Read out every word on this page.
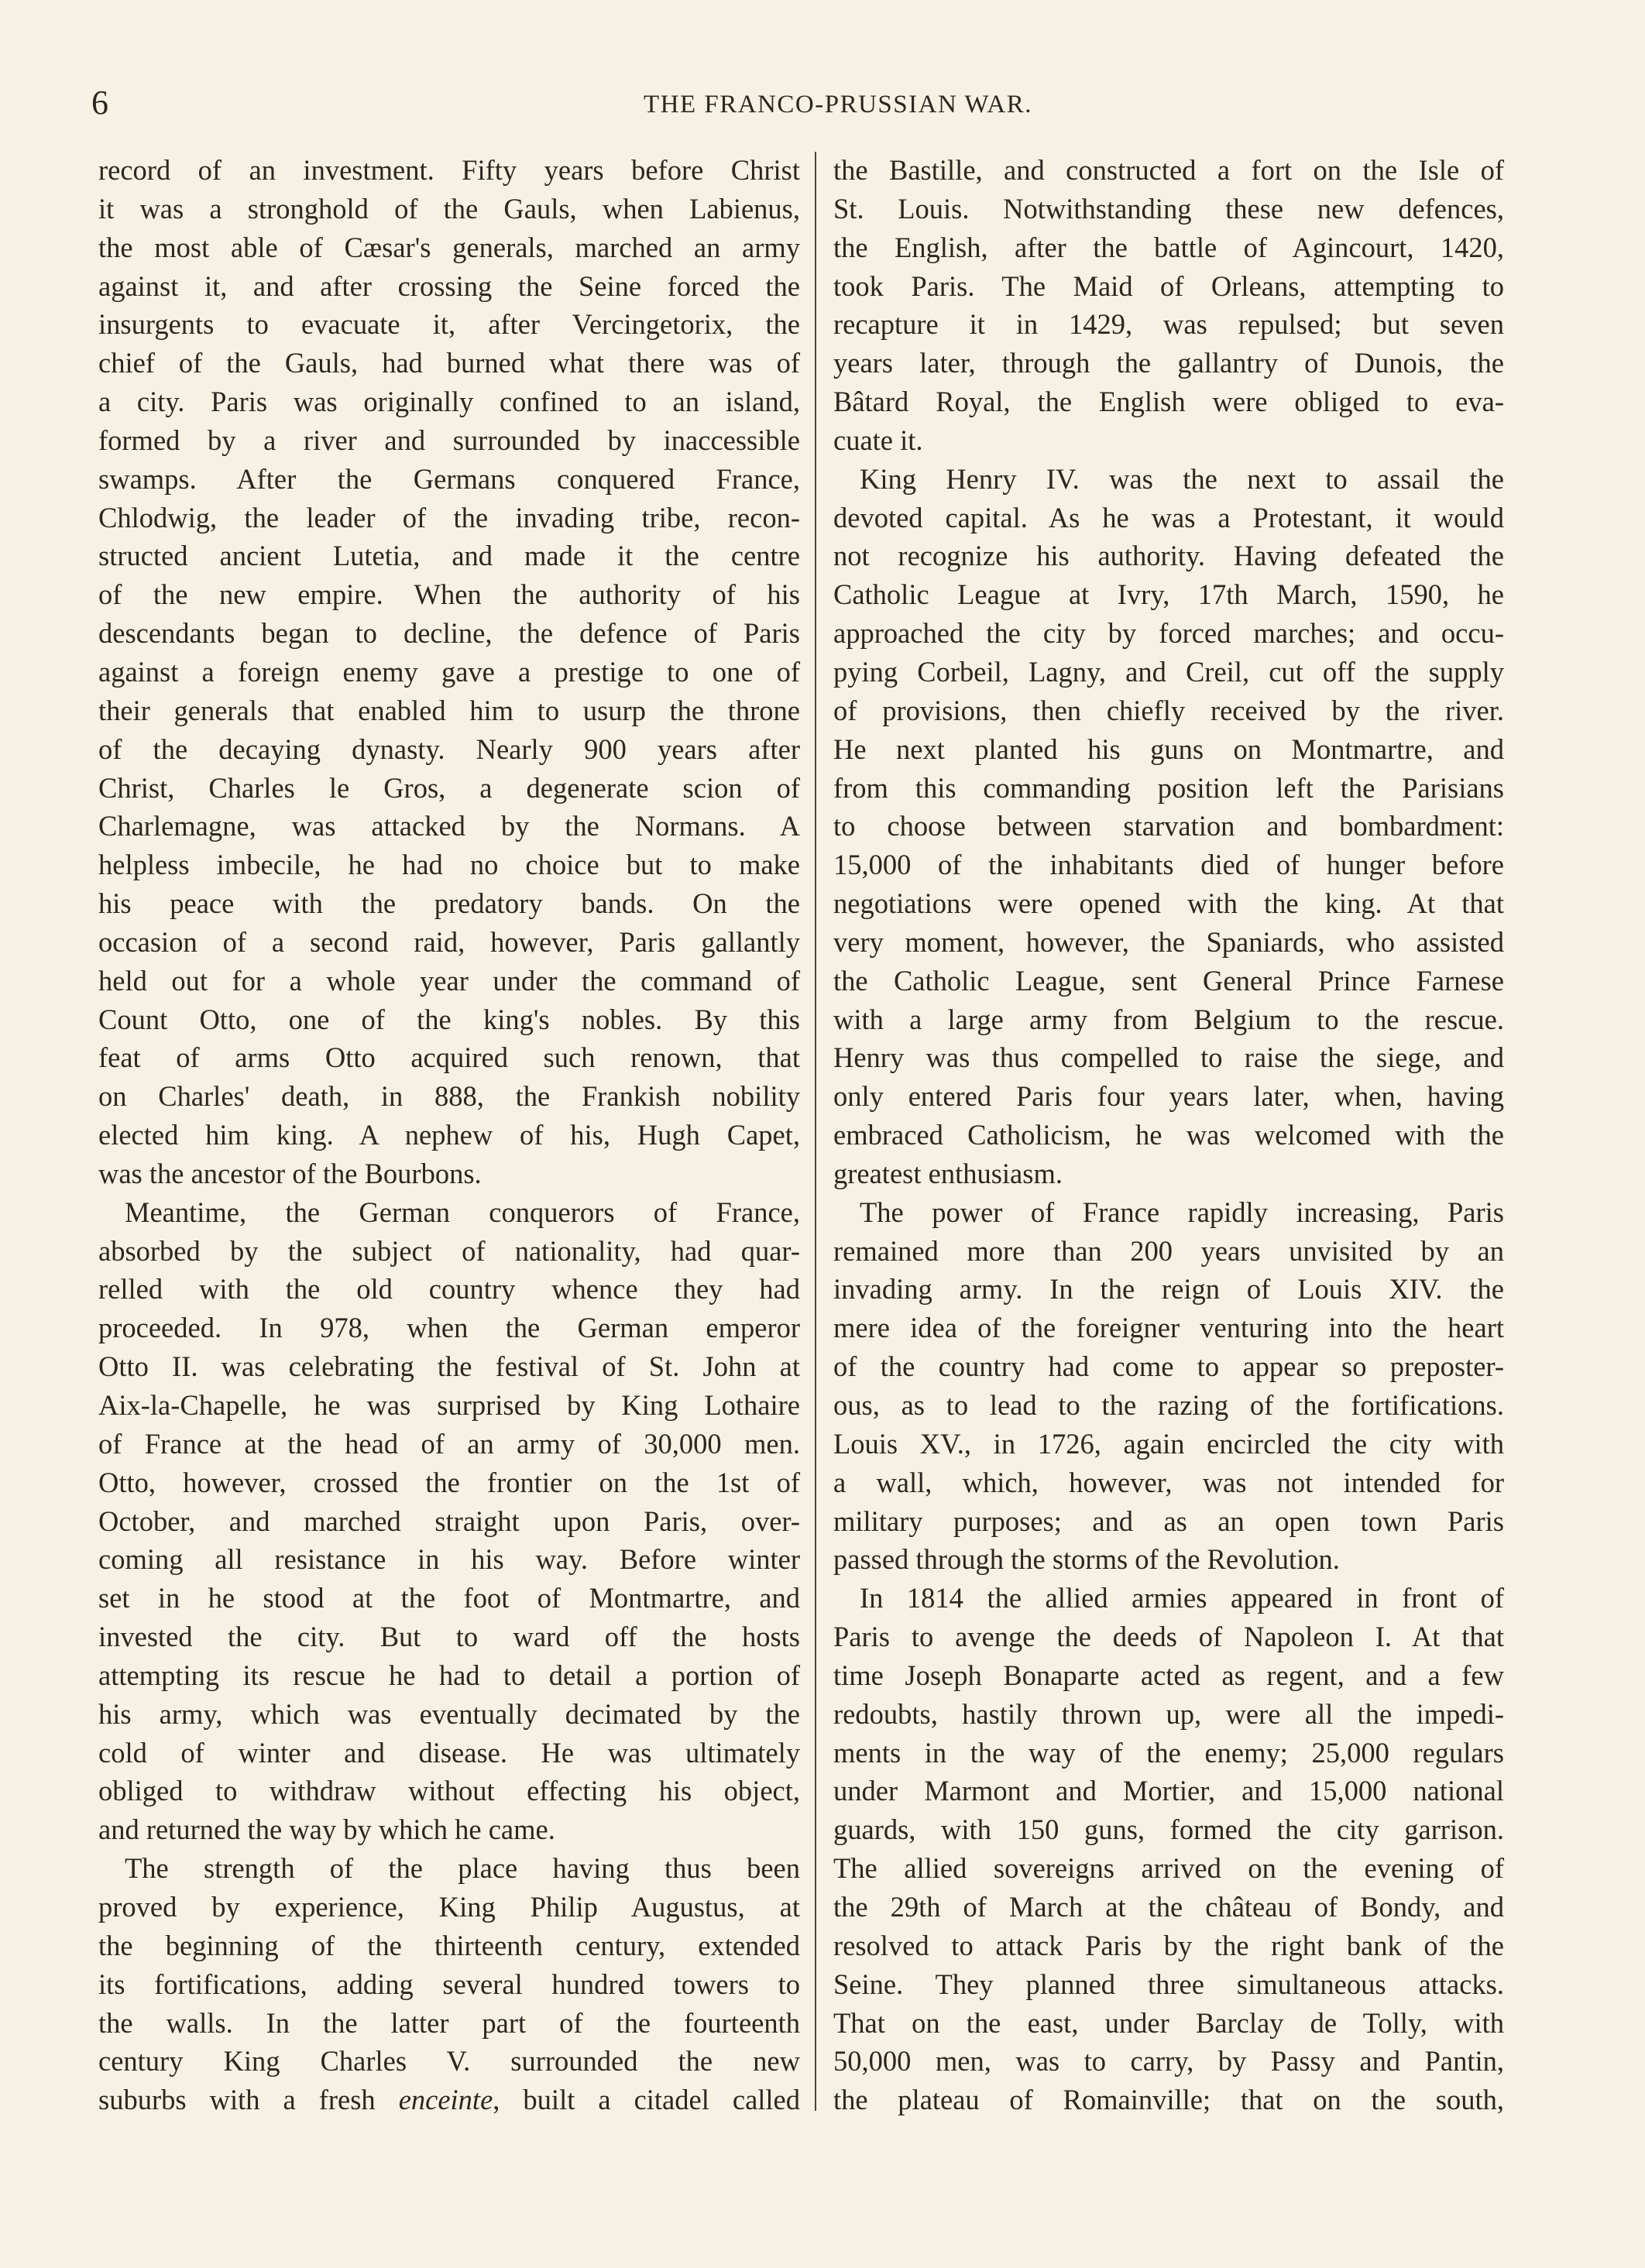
6	THE FRANCO-PRUSSIAN WAR.
record of an investment. Fifty years before Christ
it was a stronghold of the Gauls, when Labienus,
the most able of Cæsar's generals, marched an army
against it, and after crossing the Seine forced the
insurgents to evacuate it, after Vercingetorix, the
chief of the Gauls, had burned what there was of
a city. Paris was originally confined to an island,
formed by a river and surrounded by inaccessible
swamps. After the Germans conquered France,
Chlodwig, the leader of the invading tribe, recon-
structed ancient Lutetia, and made it the centre
of the new empire. When the authority of his
descendants began to decline, the defence of Paris
against a foreign enemy gave a prestige to one of
their generals that enabled him to usurp the throne
of the decaying dynasty. Nearly 900 years after
Christ, Charles le Gros, a degenerate scion of
Charlemagne, was attacked by the Normans. A
helpless imbecile, he had no choice but to make
his peace with the predatory bands. On the
occasion of a second raid, however, Paris gallantly
held out for a whole year under the command of
Count Otto, one of the king's nobles. By this
feat of arms Otto acquired such renown, that
on Charles' death, in 888, the Frankish nobility
elected him king. A nephew of his, Hugh Capet,
was the ancestor of the Bourbons.
Meantime, the German conquerors of France,
absorbed by the subject of nationality, had quar-
relled with the old country whence they had
proceeded. In 978, when the German emperor
Otto II. was celebrating the festival of St. John at
Aix-la-Chapelle, he was surprised by King Lothaire
of France at the head of an army of 30,000 men.
Otto, however, crossed the frontier on the 1st of
October, and marched straight upon Paris, over-
coming all resistance in his way. Before winter
set in he stood at the foot of Montmartre, and
invested the city. But to ward off the hosts
attempting its rescue he had to detail a portion of
his army, which was eventually decimated by the
cold of winter and disease. He was ultimately
obliged to withdraw without effecting his object,
and returned the way by which he came.
The strength of the place having thus been
proved by experience, King Philip Augustus, at
the beginning of the thirteenth century, extended
its fortifications, adding several hundred towers to
the walls. In the latter part of the fourteenth
century King Charles V. surrounded the new
suburbs with a fresh enceinte, built a citadel called
the Bastille, and constructed a fort on the Isle of
St. Louis. Notwithstanding these new defences,
the English, after the battle of Agincourt, 1420,
took Paris. The Maid of Orleans, attempting to
recapture it in 1429, was repulsed; but seven
years later, through the gallantry of Dunois, the
Bâtard Royal, the English were obliged to eva-
cuate it.
King Henry IV. was the next to assail the
devoted capital. As he was a Protestant, it would
not recognize his authority. Having defeated the
Catholic League at Ivry, 17th March, 1590, he
approached the city by forced marches; and occu-
pying Corbeil, Lagny, and Creil, cut off the supply
of provisions, then chiefly received by the river.
He next planted his guns on Montmartre, and
from this commanding position left the Parisians
to choose between starvation and bombardment:
15,000 of the inhabitants died of hunger before
negotiations were opened with the king. At that
very moment, however, the Spaniards, who assisted
the Catholic League, sent General Prince Farnese
with a large army from Belgium to the rescue.
Henry was thus compelled to raise the siege, and
only entered Paris four years later, when, having
embraced Catholicism, he was welcomed with the
greatest enthusiasm.
The power of France rapidly increasing, Paris
remained more than 200 years unvisited by an
invading army. In the reign of Louis XIV. the
mere idea of the foreigner venturing into the heart
of the country had come to appear so preposter-
ous, as to lead to the razing of the fortifications.
Louis XV., in 1726, again encircled the city with
a wall, which, however, was not intended for
military purposes; and as an open town Paris
passed through the storms of the Revolution.
In 1814 the allied armies appeared in front of
Paris to avenge the deeds of Napoleon I. At that
time Joseph Bonaparte acted as regent, and a few
redoubts, hastily thrown up, were all the impedi-
ments in the way of the enemy; 25,000 regulars
under Marmont and Mortier, and 15,000 national
guards, with 150 guns, formed the city garrison.
The allied sovereigns arrived on the evening of
the 29th of March at the château of Bondy, and
resolved to attack Paris by the right bank of the
Seine. They planned three simultaneous attacks.
That on the east, under Barclay de Tolly, with
50,000 men, was to carry, by Passy and Pantin,
the plateau of Romainville; that on the south,
